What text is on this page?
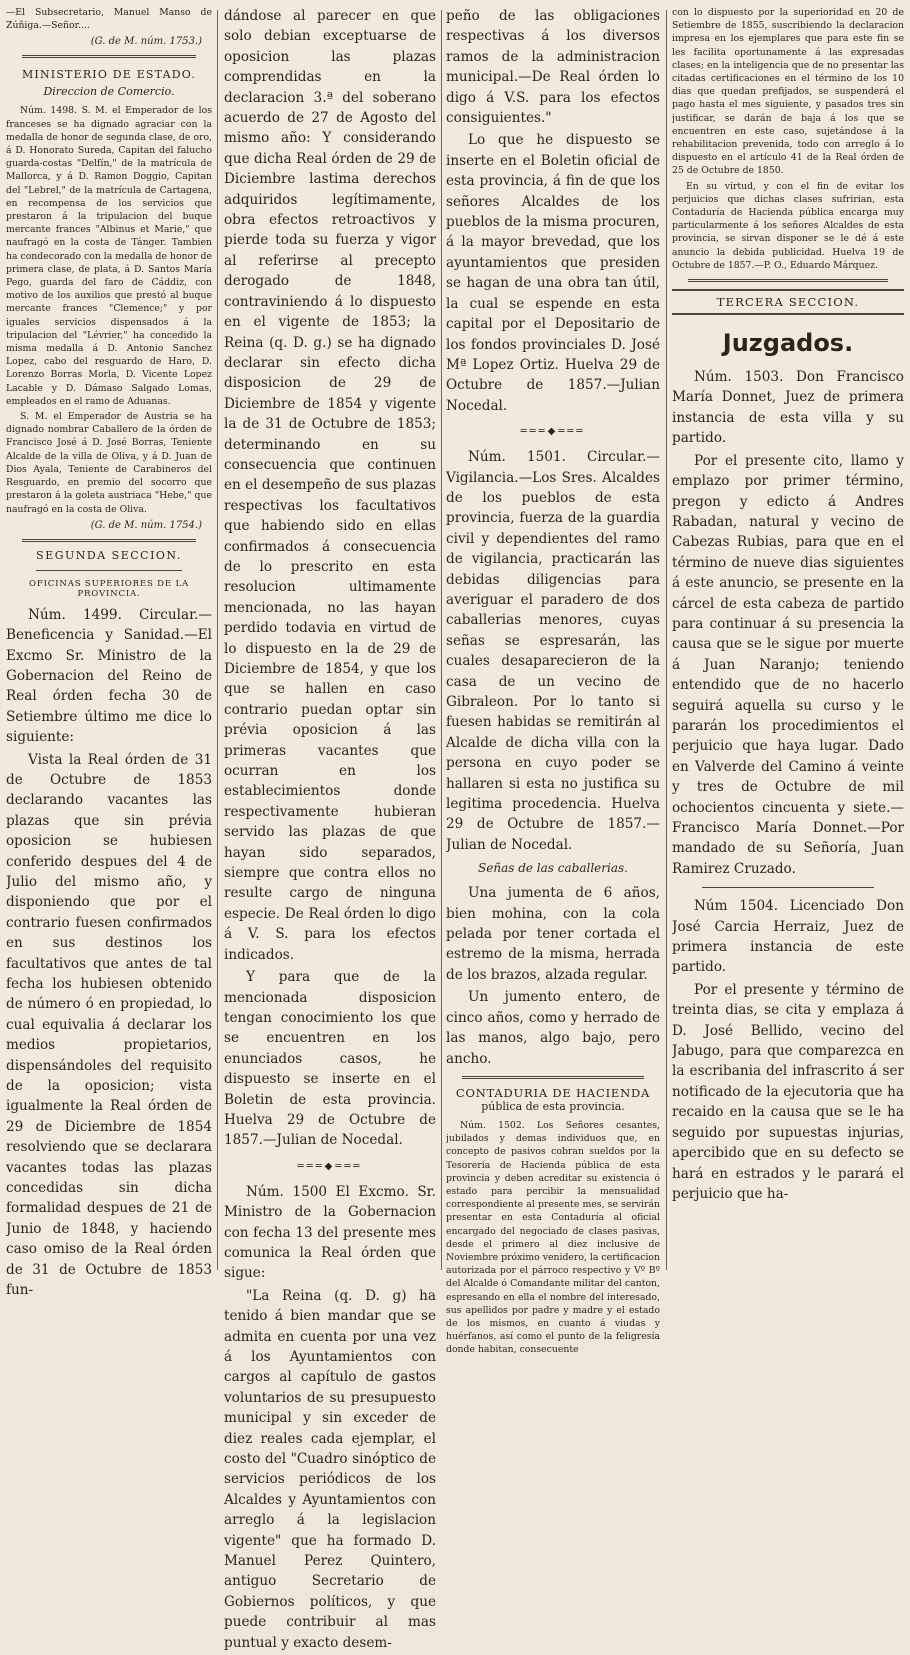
—El Subsecretario, Manuel Manso de Zúñiga.—Señor....

(G. de M. núm. 1753.)

MINISTERIO DE ESTADO.

Direccion de Comercio.

Núm. 1498. S. M. el Emperador de los franceses se ha dignado agraciar con la medalla de honor de segunda clase, de oro, á D. Honorato Sureda, Capitan del falucho guarda-costas "Delfín," de la matrícula de Mallorca, y á D. Ramon Doggio, Capitan del "Lebrel," de la matrícula de Cartagena, en recompensa de los servicios que prestaron á la tripulacion del buque mercante frances "Albinus et Marie," que naufragó en la costa de Tánger. Tambien ha condecorado con la medalla de honor de primera clase, de plata, á D. Santos María Pego, guarda del faro de Cáddiz, con motivo de los auxilios que prestó al buque mercante frances "Clemence;" y por iguales servicios dispensados á la tripulacion del "Lévrier," ha concedido la misma medalla á D. Antonio Sanchez Lopez, cabo del resguardo de Haro, D. Lorenzo Borras Morla, D. Vicente Lopez Lacable y D. Dámaso Salgado Lomas, empleados en el ramo de Aduanas.

S. M. el Emperador de Austria se ha dignado nombrar Caballero de la órden de Francisco José á D. José Borras, Teniente Alcalde de la villa de Oliva, y á D. Juan de Dios Ayala, Teniente de Carabineros del Resguardo, en premio del socorro que prestaron á la goleta austriaca "Hebe," que naufragó en la costa de Oliva.

(G. de M. núm. 1754.)

SEGUNDA SECCION.

OFICINAS SUPERIORES DE LA PROVINCIA.

Núm. 1499. Circular.—Beneficencia y Sanidad.—El Excmo Sr. Ministro de la Gobernacion del Reino de Real órden fecha 30 de Setiembre último me dice lo siguiente:

Vista la Real órden de 31 de Octubre de 1853 declarando vacantes las plazas que sin prévia oposicion se hubiesen conferido despues del 4 de Julio del mismo año, y disponiendo que por el contrario fuesen confirmados en sus destinos los facultativos que antes de tal fecha los hubiesen obtenido de número ó en propiedad, lo cual equivalia á declarar los medios propietarios, dispensándoles del requisito de la oposicion; vista igualmente la Real órden de 29 de Diciembre de 1854 resolviendo que se declarara vacantes todas las plazas concedidas sin dicha formalidad despues de 21 de Junio de 1848, y haciendo caso omiso de la Real órden de 31 de Octubre de 1853 fun-

dándose al parecer en que solo debian exceptuarse de oposicion las plazas comprendidas en la declaracion 3.ª del soberano acuerdo de 27 de Agosto del mismo año: Y considerando que dicha Real órden de 29 de Diciembre lastima derechos adquiridos legítimamente, obra efectos retroactivos y pierde toda su fuerza y vigor al referirse al precepto derogado de 1848, contraviniendo á lo dispuesto en el vigente de 1853; la Reina (q. D. g.) se ha dignado declarar sin efecto dicha disposicion de 29 de Diciembre de 1854 y vigente la de 31 de Octubre de 1853; determinando en su consecuencia que continuen en el desempeño de sus plazas respectivas los facultativos que habiendo sido en ellas confirmados á consecuencia de lo prescrito en esta resolucion ultimamente mencionada, no las hayan perdido todavia en virtud de lo dispuesto en la de 29 de Diciembre de 1854, y que los que se hallen en caso contrario puedan optar sin prévia oposicion á las primeras vacantes que ocurran en los establecimientos donde respectivamente hubieran servido las plazas de que hayan sido separados, siempre que contra ellos no resulte cargo de ninguna especie. De Real órden lo digo á V. S. para los efectos indicados.

Y para que de la mencionada disposicion tengan conocimiento los que se encuentren en los enunciados casos, he dispuesto se inserte en el Boletin de esta provincia. Huelva 29 de Octubre de 1857.—Julian de Nocedal.

═══◆═══

Núm. 1500 El Excmo. Sr. Ministro de la Gobernacion con fecha 13 del presente mes comunica la Real órden que sigue:

"La Reina (q. D. g) ha tenido á bien mandar que se admita en cuenta por una vez á los Ayuntamientos con cargos al capítulo de gastos voluntarios de su presupuesto municipal y sin exceder de diez reales cada ejemplar, el costo del "Cuadro sinóptico de servicios periódicos de los Alcaldes y Ayuntamientos con arreglo á la legislacion vigente" que ha formado D. Manuel Perez Quintero, antiguo Secretario de Gobiernos políticos, y que puede contribuir al mas puntual y exacto desem-

peño de las obligaciones respectivas á los diversos ramos de la administracion municipal.—De Real órden lo digo á V.S. para los efectos consiguientes."

Lo que he dispuesto se inserte en el Boletin oficial de esta provincia, á fin de que los señores Alcaldes de los pueblos de la misma procuren, á la mayor brevedad, que los ayuntamientos que presiden se hagan de una obra tan útil, la cual se espende en esta capital por el Depositario de los fondos provinciales D. José Mª Lopez Ortiz. Huelva 29 de Octubre de 1857.—Julian Nocedal.

═══◆═══

Núm. 1501. Circular.—Vigilancia.—Los Sres. Alcaldes de los pueblos de esta provincia, fuerza de la guardia civil y dependientes del ramo de vigilancia, practicarán las debidas diligencias para averiguar el paradero de dos caballerias menores, cuyas señas se espresarán, las cuales desaparecieron de la casa de un vecino de Gibraleon. Por lo tanto si fuesen habidas se remitirán al Alcalde de dicha villa con la persona en cuyo poder se hallaren si esta no justifica su legitima procedencia. Huelva 29 de Octubre de 1857.—Julian de Nocedal.

Señas de las caballerias.

Una jumenta de 6 años, bien mohina, con la cola pelada por tener cortada el estremo de la misma, herrada de los brazos, alzada regular.

Un jumento entero, de cinco años, como y herrado de las manos, algo bajo, pero ancho.

CONTADURIA DE HACIENDA

pública de esta provincia.

Núm. 1502. Los Señores cesantes, jubilados y demas individuos que, en concepto de pasivos cobran sueldos por la Tesorería de Hacienda pública de esta provincia y deben acreditar su existencia ó estado para percibir la mensualidad correspondiente al presente mes, se servirán presentar en esta Contaduría al oficial encargado del negociado de clases pasivas, desde el primero al diez inclusive de Noviembre próximo venidero, la certificacion autorizada por el párroco respectivo y Vº Bº del Alcalde ó Comandante militar del canton, espresando en ella el nombre del interesado, sus apellidos por padre y madre y el estado de los mismos, en cuanto á viudas y huérfanos, así como el punto de la feligresía donde habitan, consecuente

con lo dispuesto por la superioridad en 20 de Setiembre de 1855, suscribiendo la declaracion impresa en los ejemplares que para este fin se les facilita oportunamente á las expresadas clases; en la inteligencia que de no presentar las citadas certificaciones en el término de los 10 dias que quedan prefijados, se suspenderá el pago hasta el mes siguiente, y pasados tres sin justificar, se darán de baja á los que se encuentren en este caso, sujetándose á la rehabilitacion prevenida, todo con arreglo á lo dispuesto en el artículo 41 de la Real órden de 25 de Octubre de 1850.

En su virtud, y con el fin de evitar los perjuicios que dichas clases sufririan, esta Contaduría de Hacienda pública encarga muy particularmente á los señores Alcaldes de esta provincia, se sirvan disponer se le dé á este anuncio la debida publicidad. Huelva 19 de Octubre de 1857.—P. O., Eduardo Márquez.

TERCERA SECCION.

Juzgados.

Núm. 1503. Don Francisco María Donnet, Juez de primera instancia de esta villa y su partido.

Por el presente cito, llamo y emplazo por primer término, pregon y edicto á Andres Rabadan, natural y vecino de Cabezas Rubias, para que en el término de nueve dias siguientes á este anuncio, se presente en la cárcel de esta cabeza de partido para continuar á su presencia la causa que se le sigue por muerte á Juan Naranjo; teniendo entendido que de no hacerlo seguirá aquella su curso y le pararán los procedimientos el perjuicio que haya lugar. Dado en Valverde del Camino á veinte y tres de Octubre de mil ochocientos cincuenta y siete.—Francisco María Donnet.—Por mandado de su Señoría, Juan Ramirez Cruzado.

Núm 1504. Licenciado Don José Carcia Herraiz, Juez de primera instancia de este partido.

Por el presente y término de treinta dias, se cita y emplaza á D. José Bellido, vecino del Jabugo, para que comparezca en la escribania del infrascrito á ser notificado de la ejecutoria que ha recaido en la causa que se le ha seguido por supuestas injurias, apercibido que en su defecto se hará en estrados y le parará el perjuicio que ha-
